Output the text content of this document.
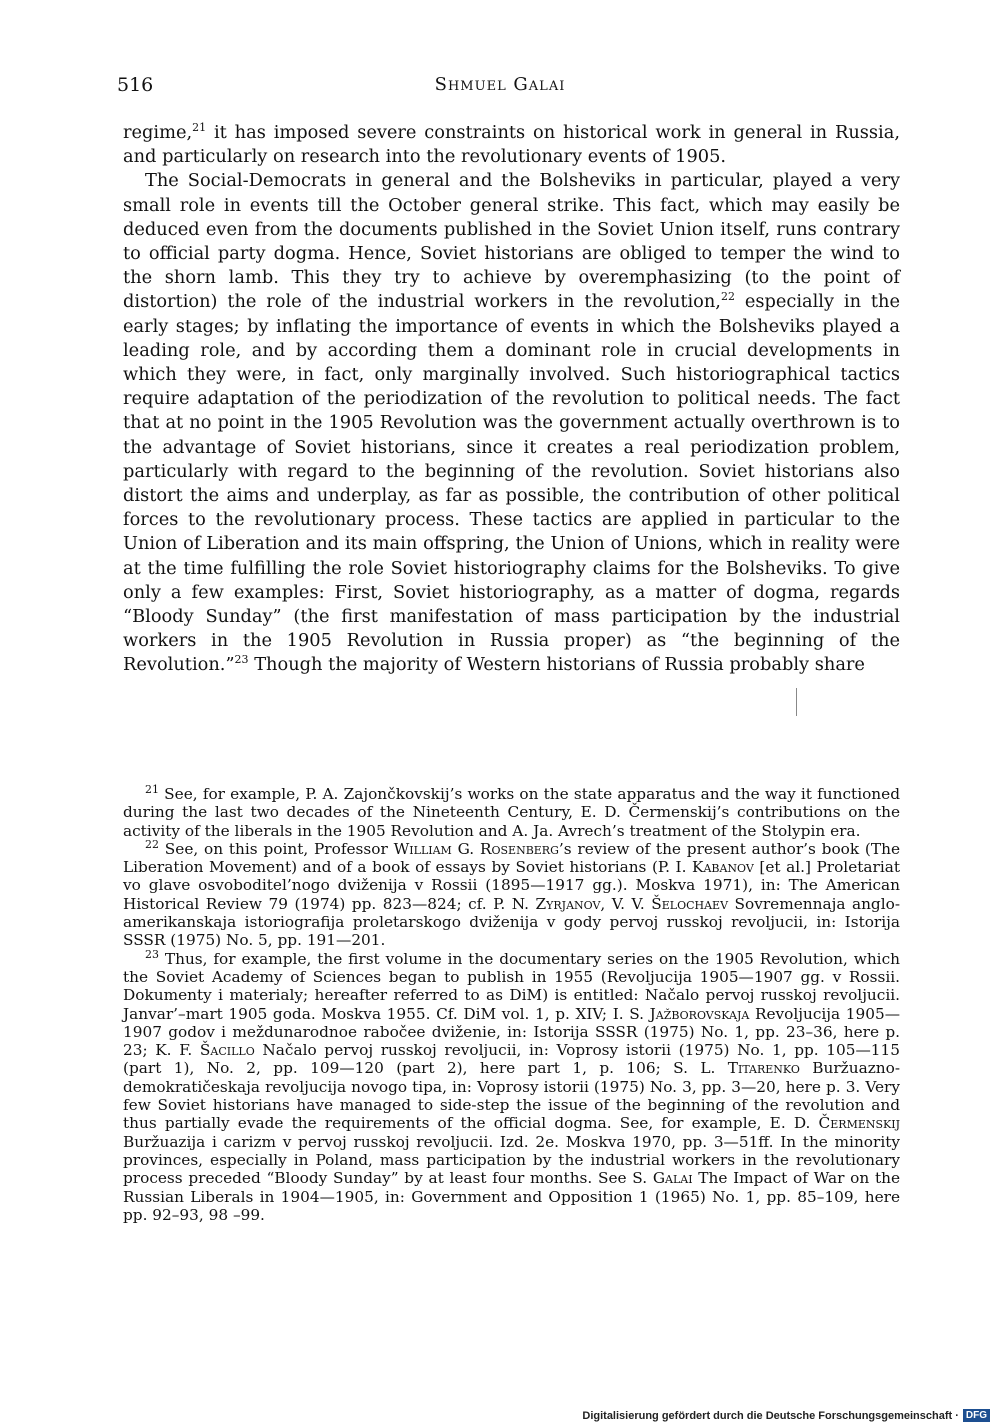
516	Shmuel Galai

regime,$^{21}$ it has imposed severe constraints on historical work in general in Russia, and particularly on research into the revolutionary events of 1905.

The Social-Democrats in general and the Bolsheviks in particular, played a very small role in events till the October general strike. This fact, which may easily be deduced even from the documents published in the Soviet Union itself, runs contrary to official party dogma. Hence, Soviet historians are obliged to temper the wind to the shorn lamb. This they try to achieve by overemphasizing (to the point of distortion) the role of the industrial workers in the revolution,$^{22}$ especially in the early stages; by inflating the importance of events in which the Bolsheviks played a leading role, and by according them a dominant role in crucial developments in which they were, in fact, only marginally involved. Such historiographical tactics require adaptation of the periodization of the revolution to political needs. The fact that at no point in the 1905 Revolution was the government actually overthrown is to the advantage of Soviet historians, since it creates a real periodization problem, particularly with regard to the beginning of the revolution. Soviet historians also distort the aims and underplay, as far as possible, the contribution of other political forces to the revolutionary process. These tactics are applied in particular to the Union of Liberation and its main offspring, the Union of Unions, which in reality were at the time fulfilling the role Soviet historiography claims for the Bolsheviks. To give only a few examples: First, Soviet historiography, as a matter of dogma, regards “Bloody Sunday” (the first manifestation of mass participation by the industrial workers in the 1905 Revolution in Russia proper) as “the beginning of the Revolution.”$^{23}$ Though the majority of Western historians of Russia probably share

$^{21}$ See, for example, P. A. Zajončkovskij’s works on the state apparatus and the way it functioned during the last two decades of the Nineteenth Century, E. D. Čermenskij’s contributions on the activity of the liberals in the 1905 Revolution and A. Ja. Avrech’s treatment of the Stolypin era.

$^{22}$ See, on this point, Professor William G. Rosenberg’s review of the present author’s book (The Liberation Movement) and of a book of essays by Soviet historians (P. I. Kabanov [et al.] Proletariat vo glave osvoboditel’nogo dviženija v Rossii (1895—1917 gg.). Moskva 1971), in: The American Historical Review 79 (1974) pp. 823—824; cf. P. N. Zyrjanov, V. V. Šelochaev Sovremennaja anglo-amerikanskaja istoriografija proletarskogo dviženija v gody pervoj russkoj revoljucii, in: Istorija SSSR (1975) No. 5, pp. 191—201.

$^{23}$ Thus, for example, the first volume in the documentary series on the 1905 Revolution, which the Soviet Academy of Sciences began to publish in 1955 (Revoljucija 1905—1907 gg. v Rossii. Dokumenty i materialy; hereafter referred to as DiM) is entitled: Načalo pervoj russkoj revoljucii. Janvar’–mart 1905 goda. Moskva 1955. Cf. DiM vol. 1, p. XIV; I. S. Jažborovskaja Revoljucija 1905—1907 godov i meždunarodnoe rabočee dviženie, in: Istorija SSSR (1975) No. 1, pp. 23–36, here p. 23; K. F. Šacillo Načalo pervoj russkoj revoljucii, in: Voprosy istorii (1975) No. 1, pp. 105—115 (part 1), No. 2, pp. 109—120 (part 2), here part 1, p. 106; S. L. Titarenko Buržuazno-demokratičeskaja revoljucija novogo tipa, in: Voprosy istorii (1975) No. 3, pp. 3—20, here p. 3. Very few Soviet historians have managed to side-step the issue of the beginning of the revolution and thus partially evade the requirements of the official dogma. See, for example, E. D. Čermenskij Buržuazija i carizm v pervoj russkoj revoljucii. Izd. 2e. Moskva 1970, pp. 3—51ff. In the minority provinces, especially in Poland, mass participation by the industrial workers in the revolutionary process preceded “Bloody Sunday” by at least four months. See S. Galai The Impact of War on the Russian Liberals in 1904—1905, in: Government and Opposition 1 (1965) No. 1, pp. 85–109, here pp. 92–93, 98 –99.

Digitalisierung gefördert durch die Deutsche Forschungsgemeinschaft · DFG
